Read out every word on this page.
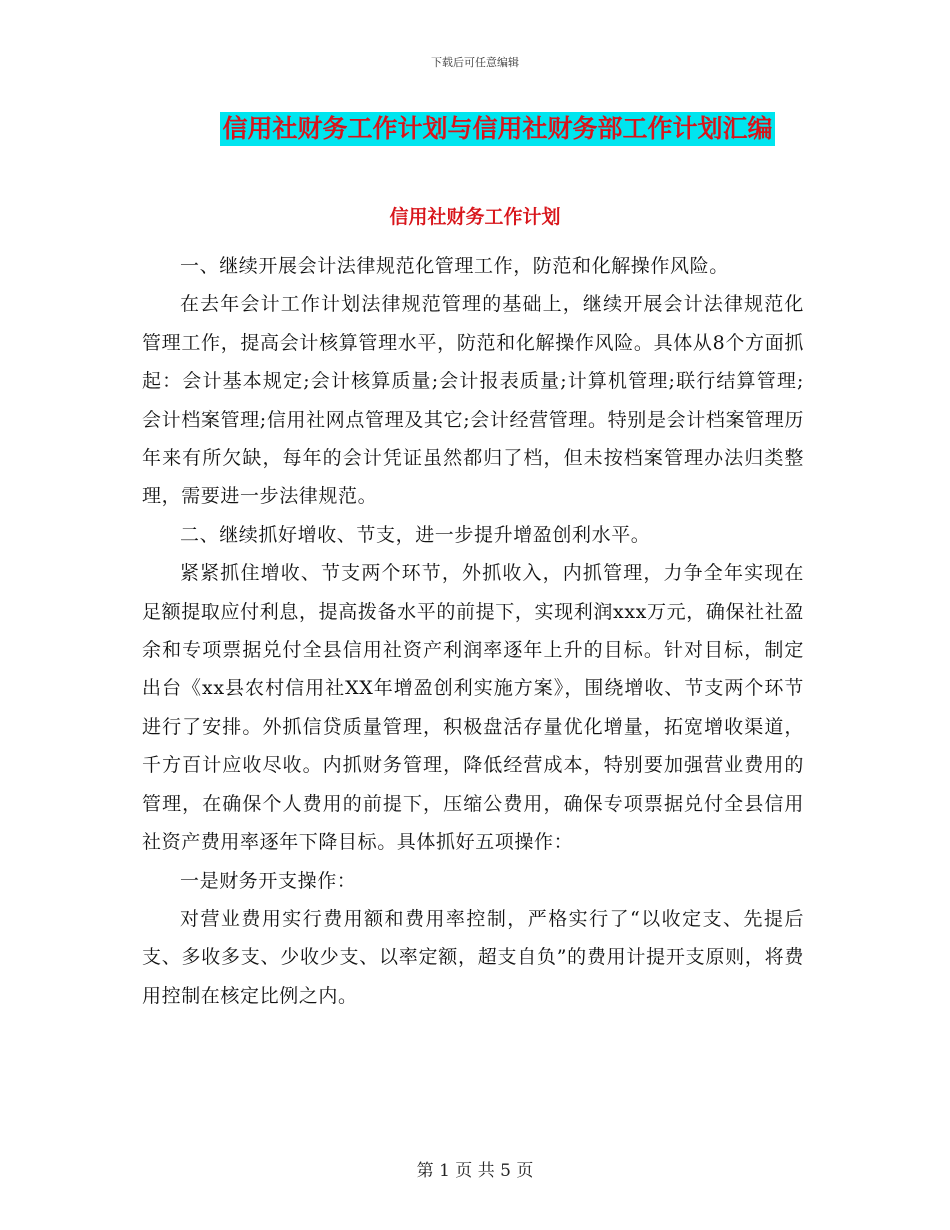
下载后可任意编辑
信用社财务工作计划与信用社财务部工作计划汇编
信用社财务工作计划

一、继续开展会计法律规范化管理工作，防范和化解操作风险。

在去年会计工作计划法律规范管理的基础上，继续开展会计法律规范化管理工作，提高会计核算管理水平，防范和化解操作风险。具体从8个方面抓起：会计基本规定;会计核算质量;会计报表质量;计算机管理;联行结算管理;会计档案管理;信用社网点管理及其它;会计经营管理。特别是会计档案管理历年来有所欠缺，每年的会计凭证虽然都归了档，但未按档案管理办法归类整理，需要进一步法律规范。

二、继续抓好增收、节支，进一步提升增盈创利水平。

紧紧抓住增收、节支两个环节，外抓收入，内抓管理，力争全年实现在足额提取应付利息，提高拨备水平的前提下，实现利润xxx万元，确保社社盈余和专项票据兑付全县信用社资产利润率逐年上升的目标。针对目标，制定出台《xx县农村信用社XX年增盈创利实施方案》，围绕增收、节支两个环节进行了安排。外抓信贷质量管理，积极盘活存量优化增量，拓宽增收渠道，千方百计应收尽收。内抓财务管理，降低经营成本，特别要加强营业费用的管理，在确保个人费用的前提下，压缩公费用，确保专项票据兑付全县信用社资产费用率逐年下降目标。具体抓好五项操作：

一是财务开支操作：

对营业费用实行费用额和费用率控制，严格实行了“以收定支、先提后支、多收多支、少收少支、以率定额，超支自负”的费用计提开支原则，将费用控制在核定比例之内。

第 1 页 共 5 页
